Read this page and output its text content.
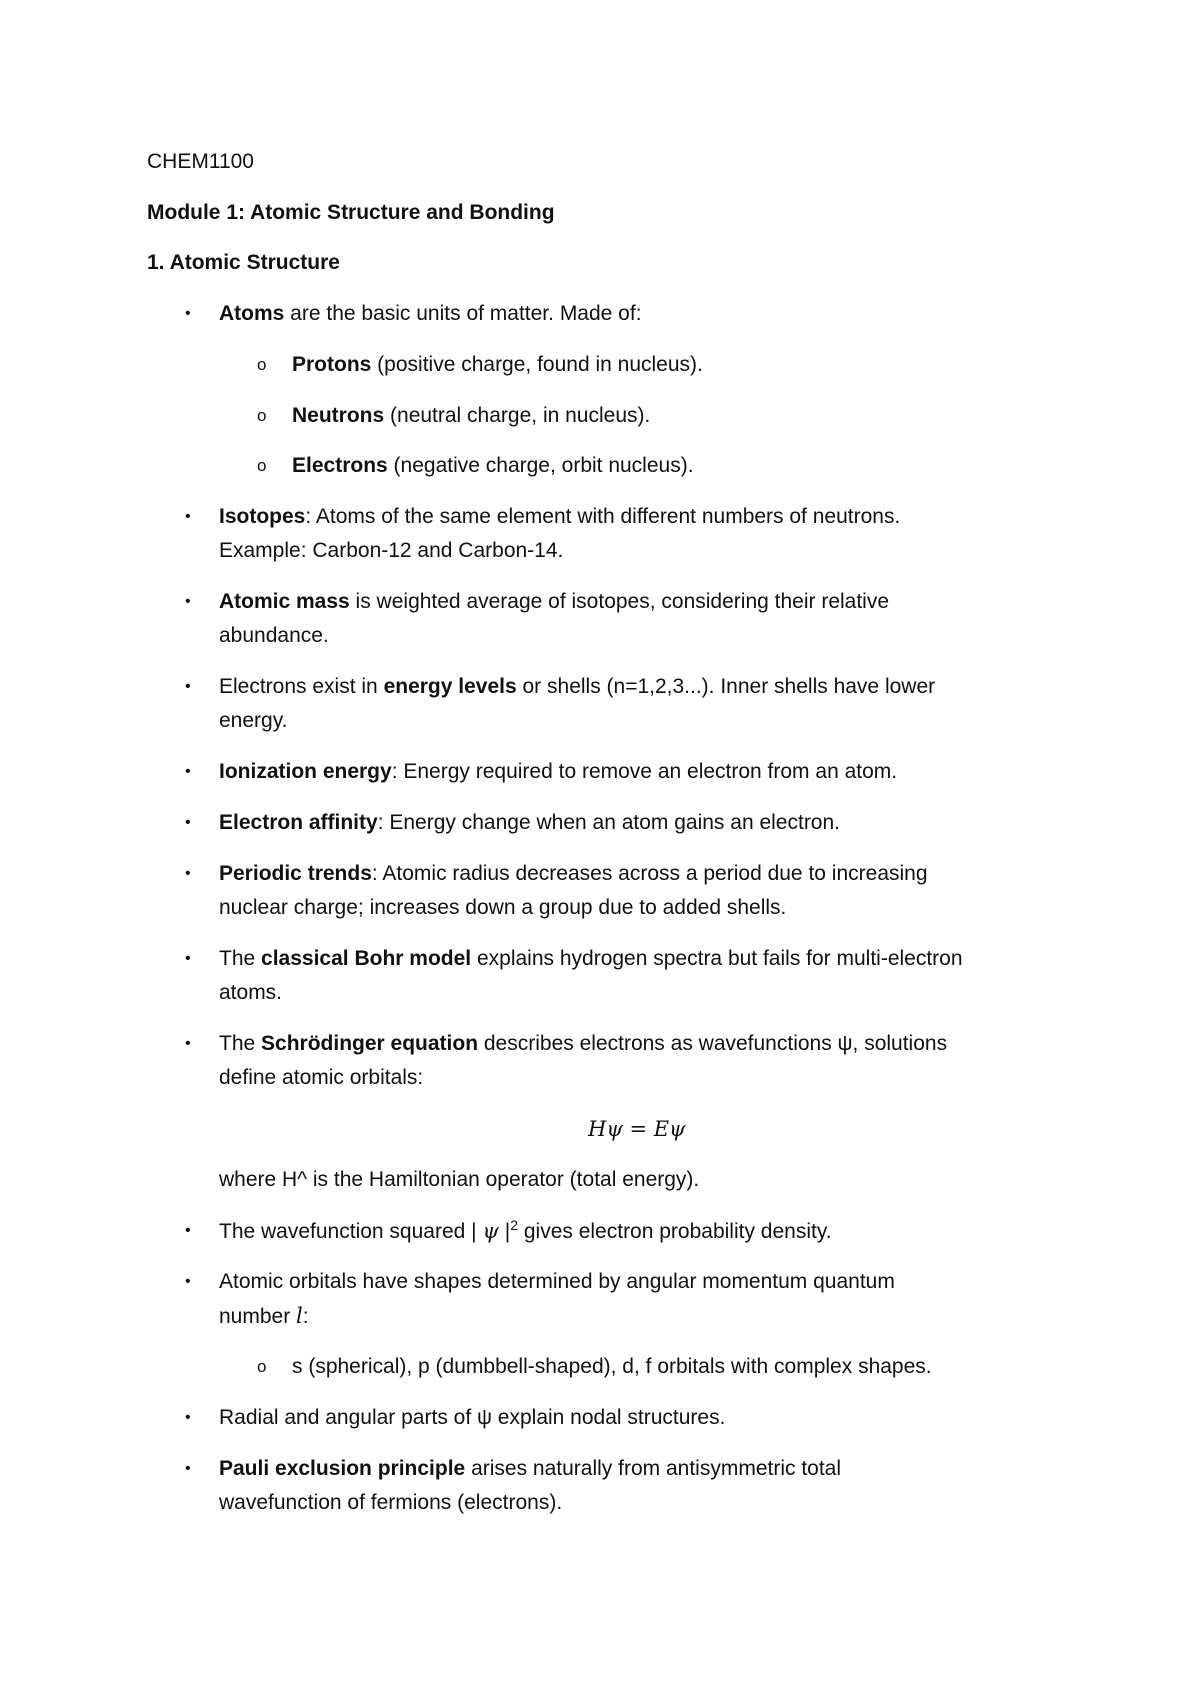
CHEM1100
Module 1: Atomic Structure and Bonding
1. Atomic Structure
• Atoms are the basic units of matter. Made of:
o Protons (positive charge, found in nucleus).
o Neutrons (neutral charge, in nucleus).
o Electrons (negative charge, orbit nucleus).
• Isotopes: Atoms of the same element with different numbers of neutrons.
Example: Carbon-12 and Carbon-14.
• Atomic mass is weighted average of isotopes, considering their relative
abundance.
• Electrons exist in energy levels or shells (n=1,2,3...). Inner shells have lower
energy.
• Ionization energy: Energy required to remove an electron from an atom.
• Electron affinity: Energy change when an atom gains an electron.
• Periodic trends: Atomic radius decreases across a period due to increasing
nuclear charge; increases down a group due to added shells.
• The classical Bohr model explains hydrogen spectra but fails for multi-electron
atoms.
• The Schrödinger equation describes electrons as wavefunctions ψ, solutions
define atomic orbitals:
Hψ = Eψ
where H^ is the Hamiltonian operator (total energy).
• The wavefunction squared | ψ $|^2$ gives electron probability density.
• Atomic orbitals have shapes determined by angular momentum quantum
number l:
o s (spherical), p (dumbbell-shaped), d, f orbitals with complex shapes.
• Radial and angular parts of ψ explain nodal structures.
• Pauli exclusion principle arises naturally from antisymmetric total
wavefunction of fermions (electrons).
